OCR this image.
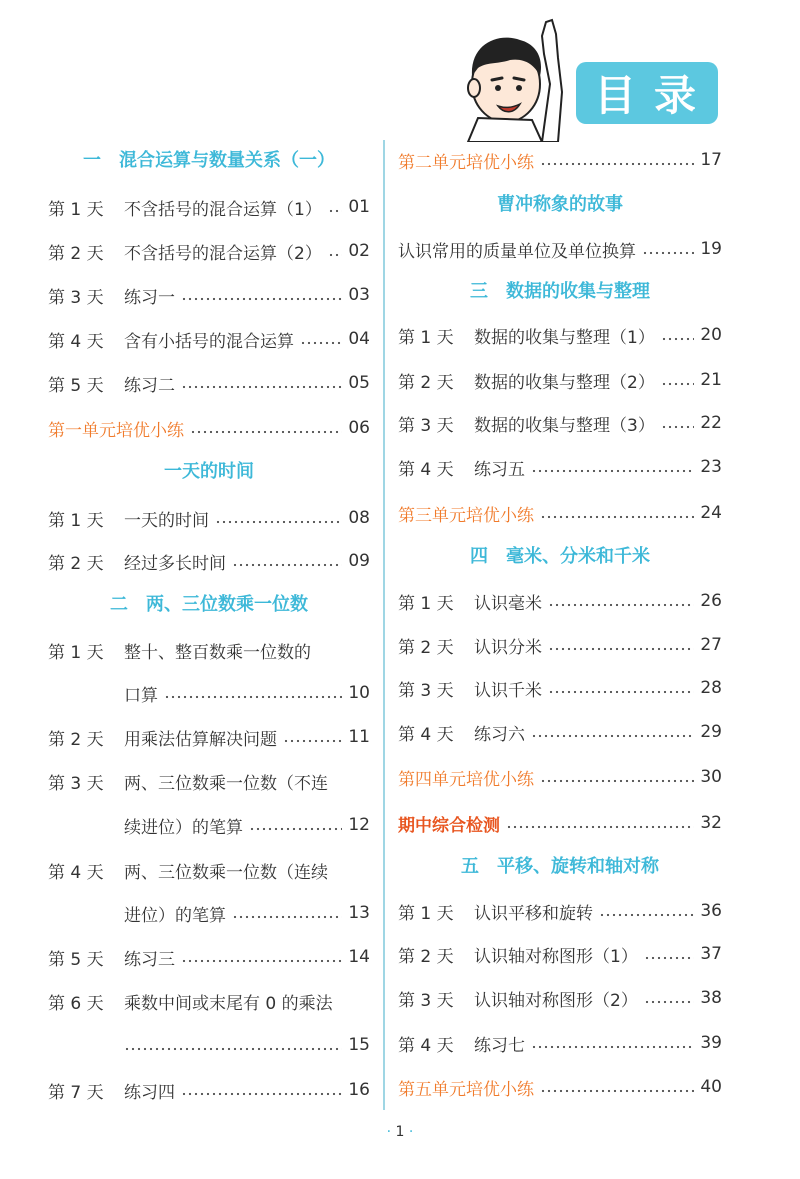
目录
一 混合运算与数量关系（一）
第 1 天	不含括号的混合运算（1） 01
第 2 天	不含括号的混合运算（2） 02
第 3 天	练习一	03
第 4 天	含有小括号的混合运算	04
第 5 天	练习二	05
第一单元培优小练	06
一天的时间
第 1 天	一天的时间	08
第 2 天	经过多长时间	09
二 两、三位数乘一位数
第 1 天	整十、整百数乘一位数的
口算	10
第 2 天	用乘法估算解决问题	11
第 3 天	两、三位数乘一位数（不连
续进位）的笔算	12
第 4 天	两、三位数乘一位数（连续
进位）的笔算	13
第 5 天	练习三	14
第 6 天	乘数中间或末尾有 0 的乘法
15
第 7 天	练习四	16
第二单元培优小练	17
曹冲称象的故事
认识常用的质量单位及单位换算	19
三 数据的收集与整理
第 1 天	数据的收集与整理（1）	20
第 2 天	数据的收集与整理（2）	21
第 3 天	数据的收集与整理（3）	22
第 4 天	练习五	23
第三单元培优小练	24
四 毫米、分米和千米
第 1 天	认识毫米	26
第 2 天	认识分米	27
第 3 天	认识千米	28
第 4 天	练习六	29
第四单元培优小练	30
期中综合检测	32
五 平移、旋转和轴对称
第 1 天	认识平移和旋转	36
第 2 天	认识轴对称图形（1）	37
第 3 天	认识轴对称图形（2）	38
第 4 天	练习七	39
第五单元培优小练	40
· 1 ·
